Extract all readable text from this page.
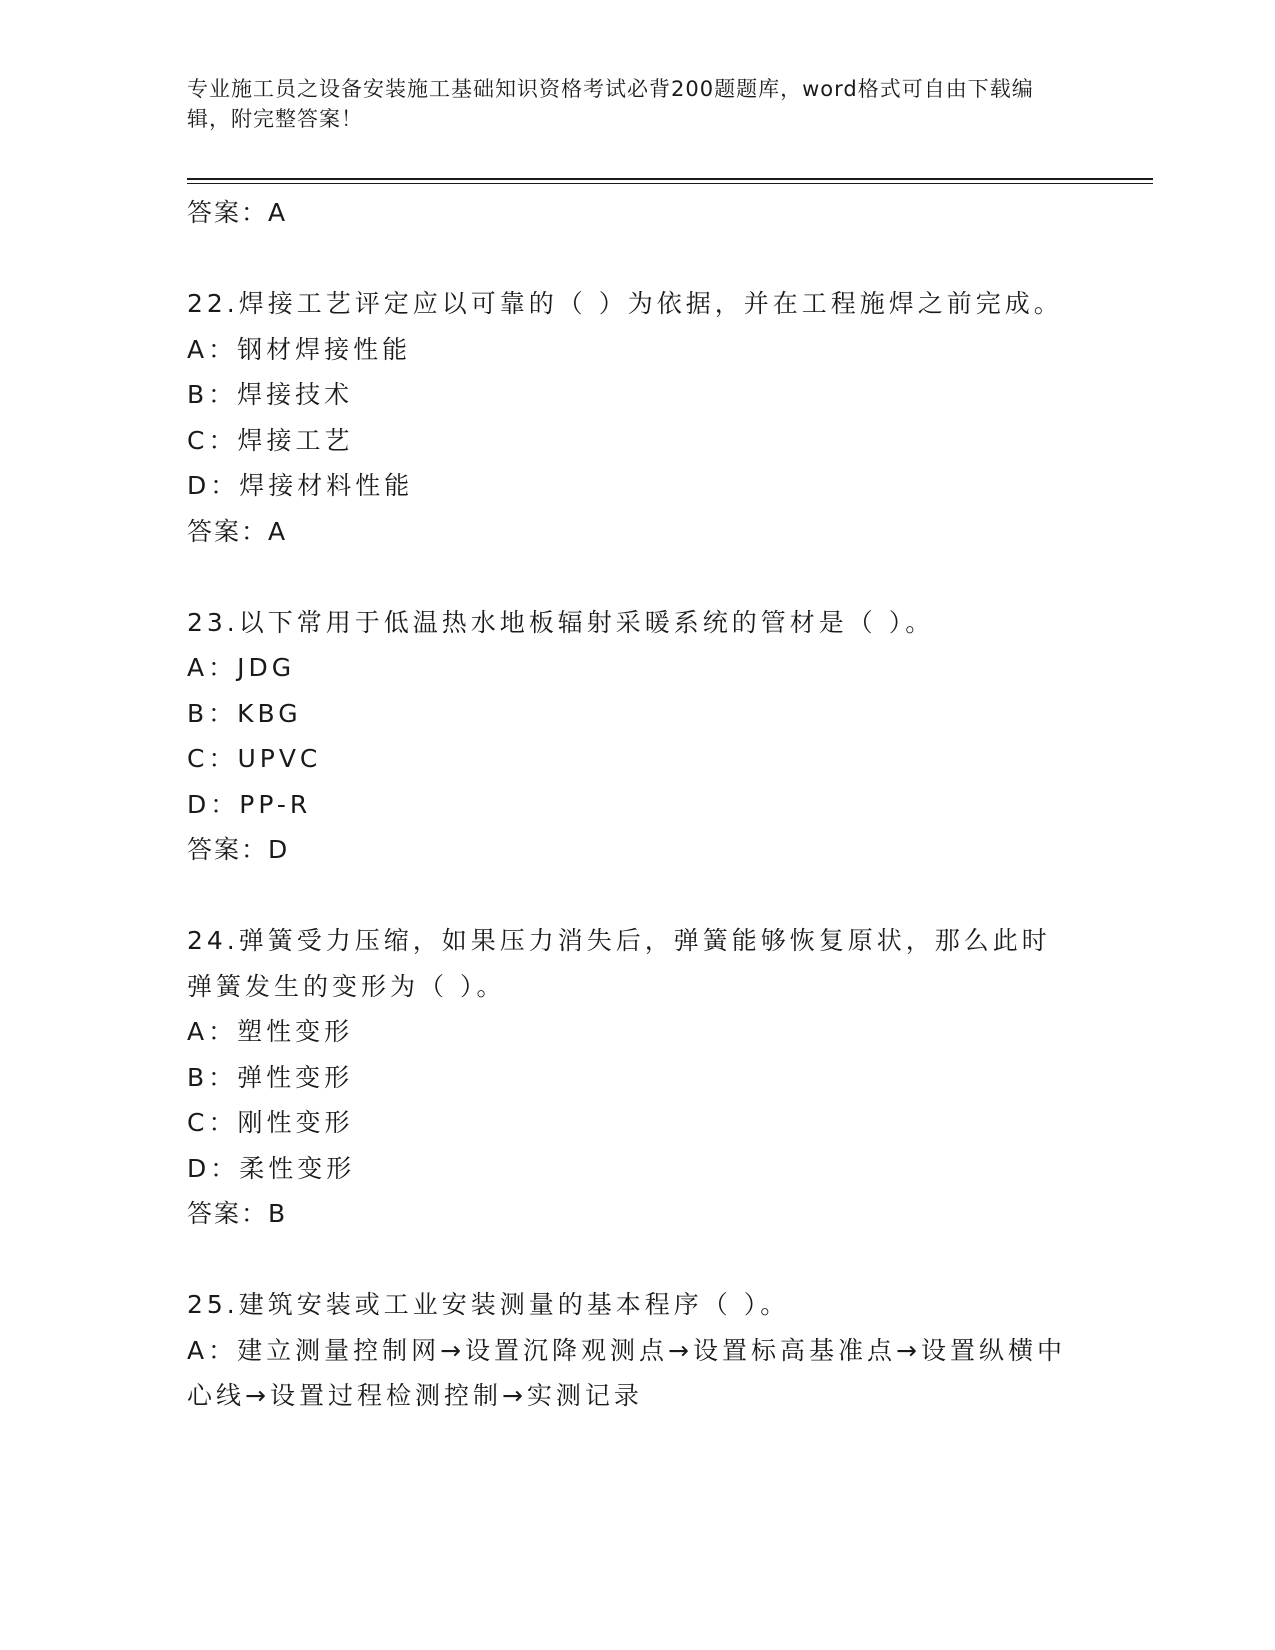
专业施工员之设备安装施工基础知识资格考试必背200题题库，word格式可自由下载编辑，附完整答案！
答案：A
22.焊接工艺评定应以可靠的（ ）为依据，并在工程施焊之前完成。
A：钢材焊接性能
B：焊接技术
C：焊接工艺
D：焊接材料性能
答案：A
23.以下常用于低温热水地板辐射采暖系统的管材是（ ）。
A：JDG
B：KBG
C：UPVC
D：PP-R
答案：D
24.弹簧受力压缩，如果压力消失后，弹簧能够恢复原状，那么此时弹簧发生的变形为（ ）。
A：塑性变形
B：弹性变形
C：刚性变形
D：柔性变形
答案：B
25.建筑安装或工业安装测量的基本程序（ ）。
A：建立测量控制网→设置沉降观测点→设置标高基准点→设置纵横中心线→设置过程检测控制→实测记录
